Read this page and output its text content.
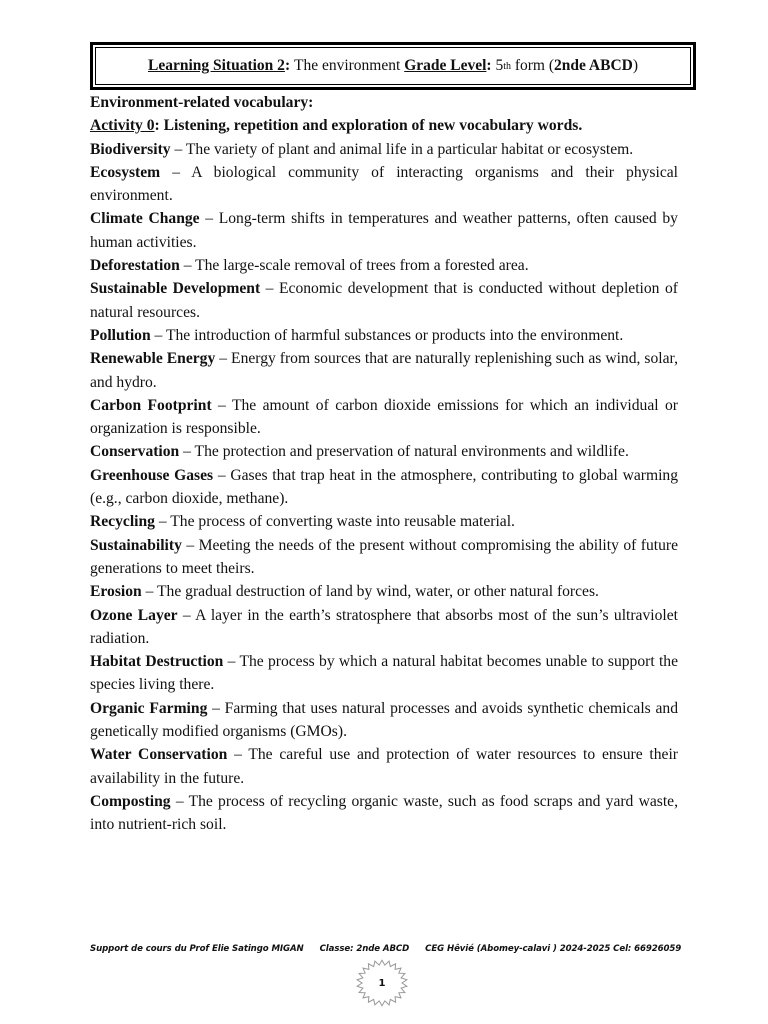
Learning Situation 2 :
The environment
Grade Level :
5 th
form ( 2nde ABCD )

Environment-related vocabulary:

Activity 0: Listening, repetition and exploration of new vocabulary words.

Biodiversity – The variety of plant and animal life in a particular habitat or ecosystem.

Ecosystem – A biological community of interacting organisms and their physical environment.

Climate Change – Long-term shifts in temperatures and weather patterns, often caused by human activities.

Deforestation – The large-scale removal of trees from a forested area.

Sustainable Development – Economic development that is conducted without depletion of natural resources.

Pollution – The introduction of harmful substances or products into the environment.

Renewable Energy – Energy from sources that are naturally replenishing such as wind, solar, and hydro.

Carbon Footprint – The amount of carbon dioxide emissions for which an individual or organization is responsible.

Conservation – The protection and preservation of natural environments and wildlife.

Greenhouse Gases – Gases that trap heat in the atmosphere, contributing to global warming (e.g., carbon dioxide, methane).

Recycling – The process of converting waste into reusable material.

Sustainability – Meeting the needs of the present without compromising the ability of future generations to meet theirs.

Erosion – The gradual destruction of land by wind, water, or other natural forces.

Ozone Layer – A layer in the earth’s stratosphere that absorbs most of the sun’s ultraviolet radiation.

Habitat Destruction – The process by which a natural habitat becomes unable to support the species living there.

Organic Farming – Farming that uses natural processes and avoids synthetic chemicals and genetically modified organisms (GMOs).

Water Conservation – The careful use and protection of water resources to ensure their availability in the future.

Composting – The process of recycling organic waste, such as food scraps and yard waste, into nutrient-rich soil.

Support de cours du Prof Elie Satingo MIGAN Classe: 2nde ABCD CEG Hêvié (Abomey-calavi ) 2024-2025 Cel: 66926059
1
